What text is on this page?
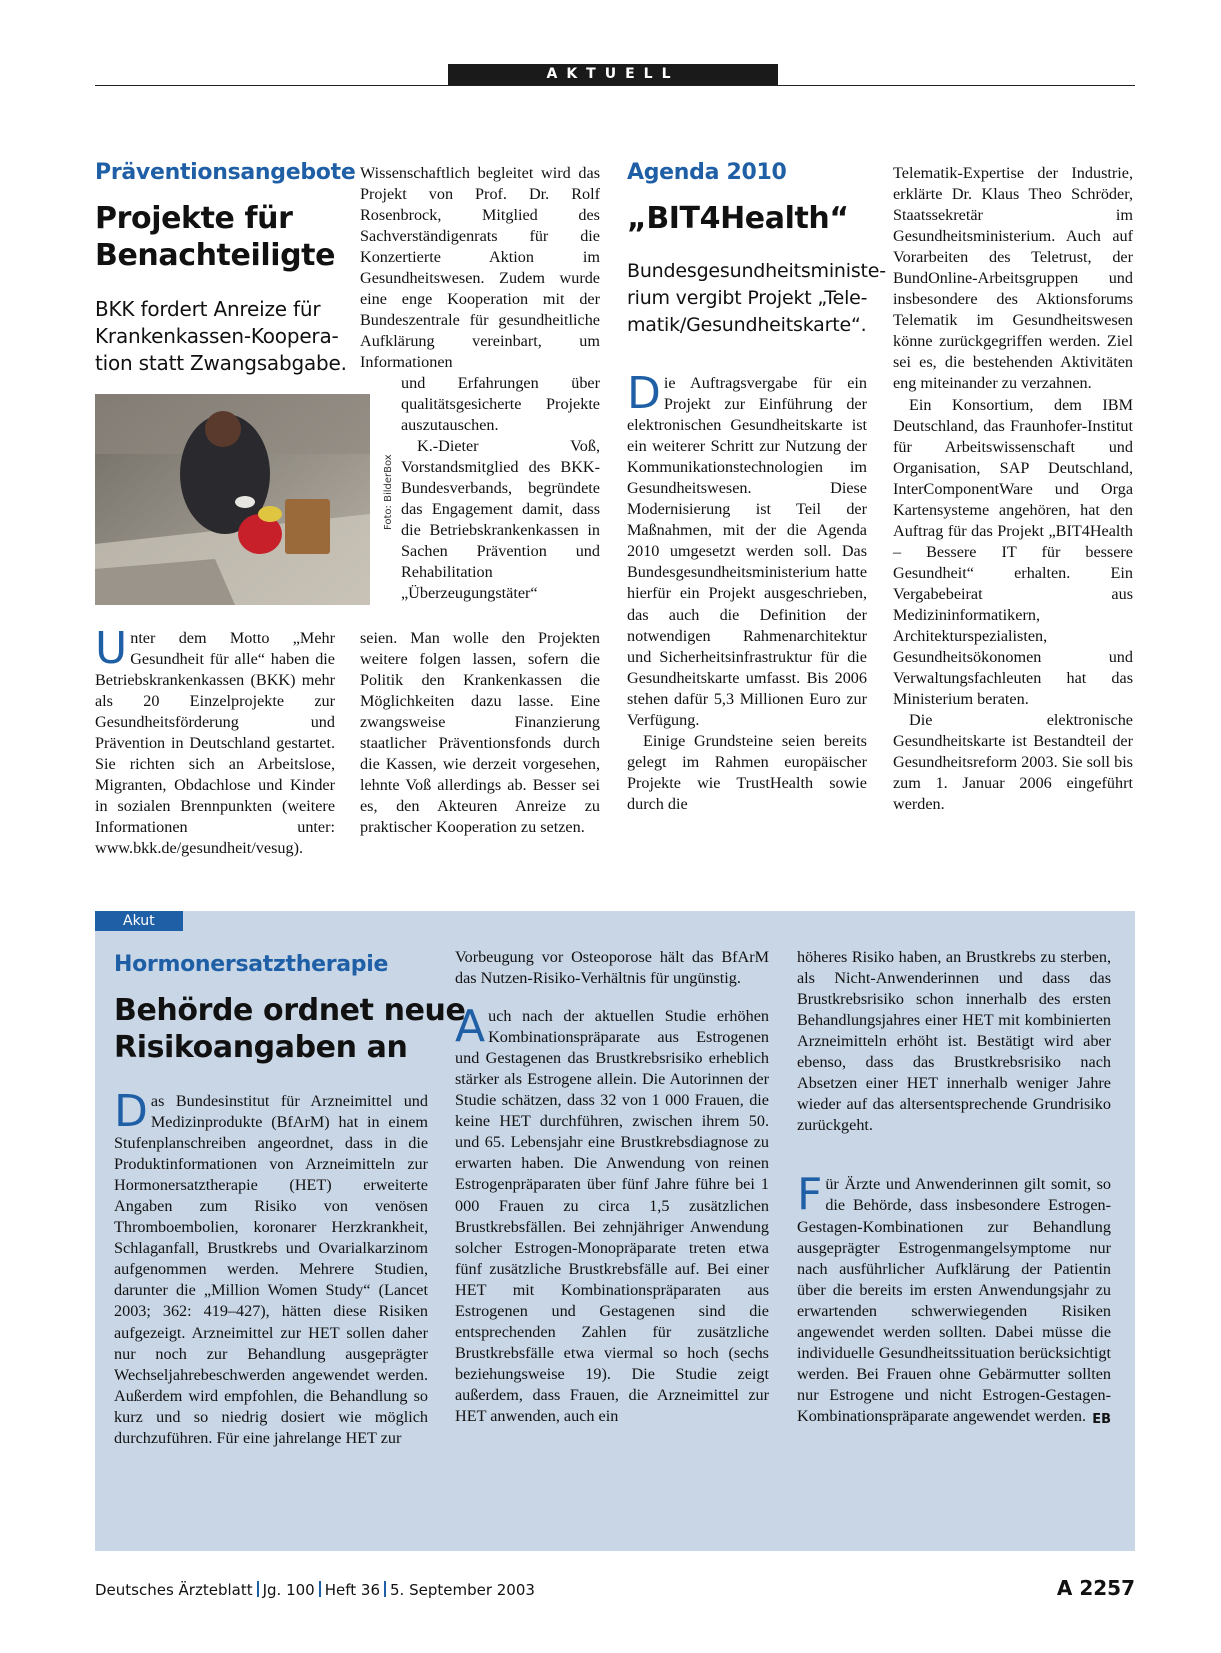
AKTUELL
Präventionsangebote
Projekte für
Benachteiligte
BKK fordert Anreize für
Krankenkassen-Koopera-
tion statt Zwangsabgabe.
Foto: BilderBox
Unter dem Motto „Mehr Gesundheit für alle“ haben die Betriebskrankenkassen (BKK) mehr als 20 Einzelprojekte zur Gesundheitsförderung und Prävention in Deutschland gestartet. Sie richten sich an Arbeitslose, Migranten, Obdachlose und Kinder in sozialen Brennpunkten (weitere Informationen unter: www.bkk.de/gesundheit/vesug).
Wissenschaftlich begleitet wird das Projekt von Prof. Dr. Rolf Rosenbrock, Mitglied des Sachverständigenrats für die Konzertierte Aktion im Gesundheitswesen. Zudem wurde eine enge Kooperation mit der Bundeszentrale für gesundheitliche Aufklärung vereinbart, um Informationen

und Erfahrungen über qualitätsgesicherte Projekte auszutauschen.

K.-Dieter Voß, Vorstandsmitglied des BKK-Bundesverbands, begründete das Engagement damit, dass die Betriebskrankenkassen in Sachen Prävention und Rehabilitation „Überzeugungstäter“

seien. Man wolle den Projekten weitere folgen lassen, sofern die Politik den Krankenkassen die Möglichkeiten dazu lasse. Eine zwangsweise Finanzierung staatlicher Präventionsfonds durch die Kassen, wie derzeit vorgesehen, lehnte Voß allerdings ab. Besser sei es, den Akteuren Anreize zu praktischer Kooperation zu setzen.
Agenda 2010
„BIT4Health“
Bundesgesundheitsministe-
rium vergibt Projekt „Tele-
matik/Gesundheitskarte“.

Die Auftragsvergabe für ein Projekt zur Einführung der elektronischen Gesundheitskarte ist ein weiterer Schritt zur Nutzung der Kommunikationstechnologien im Gesundheitswesen. Diese Modernisierung ist Teil der Maßnahmen, mit der die Agenda 2010 umgesetzt werden soll. Das Bundesgesundheitsministerium hatte hierfür ein Projekt ausgeschrieben, das auch die Definition der notwendigen Rahmenarchitektur und Sicherheitsinfrastruktur für die Gesundheitskarte umfasst. Bis 2006 stehen dafür 5,3 Millionen Euro zur Verfügung.

Einige Grundsteine seien bereits gelegt im Rahmen europäischer Projekte wie TrustHealth sowie durch die

Telematik-Expertise der Industrie, erklärte Dr. Klaus Theo Schröder, Staatssekretär im Gesundheitsministerium. Auch auf Vorarbeiten des Teletrust, der BundOnline-Arbeitsgruppen und insbesondere des Aktionsforums Telematik im Gesundheitswesen könne zurückgegriffen werden. Ziel sei es, die bestehenden Aktivitäten eng miteinander zu verzahnen.

Ein Konsortium, dem IBM Deutschland, das Fraunhofer-Institut für Arbeitswissenschaft und Organisation, SAP Deutschland, InterComponentWare und Orga Kartensysteme angehören, hat den Auftrag für das Projekt „BIT4Health – Bessere IT für bessere Gesundheit“ erhalten. Ein Vergabebeirat aus Medizininformatikern, Architekturspezialisten, Gesundheitsökonomen und Verwaltungsfachleuten hat das Ministerium beraten.

Die elektronische Gesundheitskarte ist Bestandteil der Gesundheitsreform 2003. Sie soll bis zum 1. Januar 2006 eingeführt werden.

Akut
Hormonersatztherapie
Behörde ordnet neue
Risikoangaben an
Das Bundesinstitut für Arzneimittel und Medizinprodukte (BfArM) hat in einem Stufenplanschreiben angeordnet, dass in die Produktinformationen von Arzneimitteln zur Hormonersatztherapie (HET) erweiterte Angaben zum Risiko von venösen Thromboembolien, koronarer Herzkrankheit, Schlaganfall, Brustkrebs und Ovarialkarzinom aufgenommen werden. Mehrere Studien, darunter die „Million Women Study“ (Lancet 2003; 362: 419–427), hätten diese Risiken aufgezeigt. Arzneimittel zur HET sollen daher nur noch zur Behandlung ausgeprägter Wechseljahrebeschwerden angewendet werden. Außerdem wird empfohlen, die Behandlung so kurz und so niedrig dosiert wie möglich durchzuführen. Für eine jahrelange HET zur

Vorbeugung vor Osteoporose hält das BfArM das Nutzen-Risiko-Verhältnis für ungünstig.

Auch nach der aktuellen Studie erhöhen Kombinationspräparate aus Estrogenen und Gestagenen das Brustkrebsrisiko erheblich stärker als Estrogene allein. Die Autorinnen der Studie schätzen, dass 32 von 1 000 Frauen, die keine HET durchführen, zwischen ihrem 50. und 65. Lebensjahr eine Brustkrebsdiagnose zu erwarten haben. Die Anwendung von reinen Estrogenpräparaten über fünf Jahre führe bei 1 000 Frauen zu circa 1,5 zusätzlichen Brustkrebsfällen. Bei zehnjähriger Anwendung solcher Estrogen-Monopräparate treten etwa fünf zusätzliche Brustkrebsfälle auf. Bei einer HET mit Kombinationspräparaten aus Estrogenen und Gestagenen sind die entsprechenden Zahlen für zusätzliche Brustkrebsfälle etwa viermal so hoch (sechs beziehungsweise 19). Die Studie zeigt außerdem, dass Frauen, die Arzneimittel zur HET anwenden, auch ein

höheres Risiko haben, an Brustkrebs zu sterben, als Nicht-Anwenderinnen und dass das Brustkrebsrisiko schon innerhalb des ersten Behandlungsjahres einer HET mit kombinierten Arzneimitteln erhöht ist. Bestätigt wird aber ebenso, dass das Brustkrebsrisiko nach Absetzen einer HET innerhalb weniger Jahre wieder auf das altersentsprechende Grundrisiko zurückgeht.

Für Ärzte und Anwenderinnen gilt somit, so die Behörde, dass insbesondere Estrogen-Gestagen-Kombinationen zur Behandlung ausgeprägter Estrogenmangelsymptome nur nach ausführlicher Aufklärung der Patientin über die bereits im ersten Anwendungsjahr zu erwartenden schwerwiegenden Risiken angewendet werden sollten. Dabei müsse die individuelle Gesundheitssituation berücksichtigt werden. Bei Frauen ohne Gebärmutter sollten nur Estrogene und nicht Estrogen-Gestagen-Kombinationspräparate angewendet werden. EB

Deutsches Ärzteblatt Jg. 100 Heft 36 5. September 2003	A 2257
